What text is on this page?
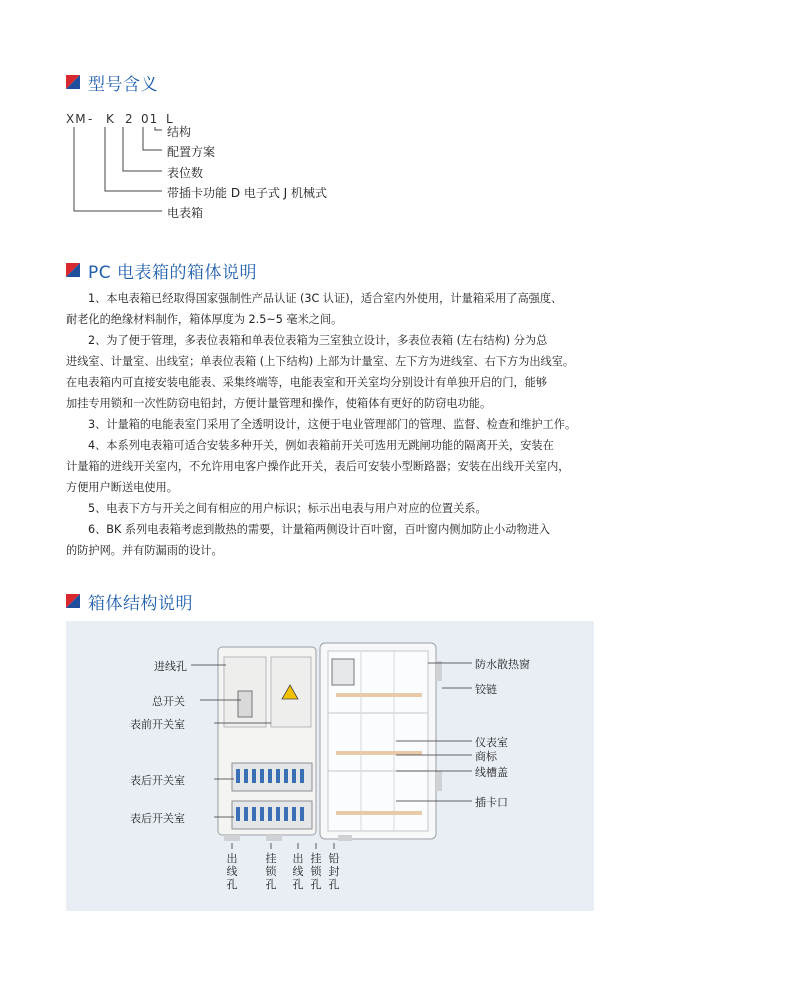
型号含义
XM - K 2 01 L
结构
配置方案
表位数
带插卡功能 D 电子式 J 机械式
电表箱
PC 电表箱的箱体说明

1、本电表箱已经取得国家强制性产品认证 (3C 认证)，适合室内外使用，计量箱采用了高强度、

耐老化的绝缘材料制作，箱体厚度为 2.5~5 毫米之间。

2、为了便于管理，多表位表箱和单表位表箱为三室独立设计，多表位表箱 (左右结构) 分为总

进线室、计量室、出线室；单表位表箱 (上下结构) 上部为计量室、左下方为进线室、右下方为出线室。

在电表箱内可直接安装电能表、采集终端等，电能表室和开关室均分别设计有单独开启的门，能够

加挂专用锁和一次性防窃电铅封，方便计量管理和操作，使箱体有更好的防窃电功能。

3、计量箱的电能表室门采用了全透明设计，这便于电业管理部门的管理、监督、检查和维护工作。

4、本系列电表箱可适合安装多种开关，例如表箱前开关可选用无跳闸功能的隔离开关，安装在

计量箱的进线开关室内，不允许用电客户操作此开关，表后可安装小型断路器；安装在出线开关室内，

方便用户断送电使用。

5、电表下方与开关之间有相应的用户标识；标示出电表与用户对应的位置关系。

6、BK 系列电表箱考虑到散热的需要，计量箱两侧设计百叶窗，百叶窗内侧加防止小动物进入

的防护网。并有防漏雨的设计。

箱体结构说明
进线孔
总开关
表前开关室
表后开关室
表后开关室
防水散热窗
铰链
仪表室
商标
线槽盖
插卡口
出线孔
挂锁孔
出线孔
挂锁孔
铅封孔
